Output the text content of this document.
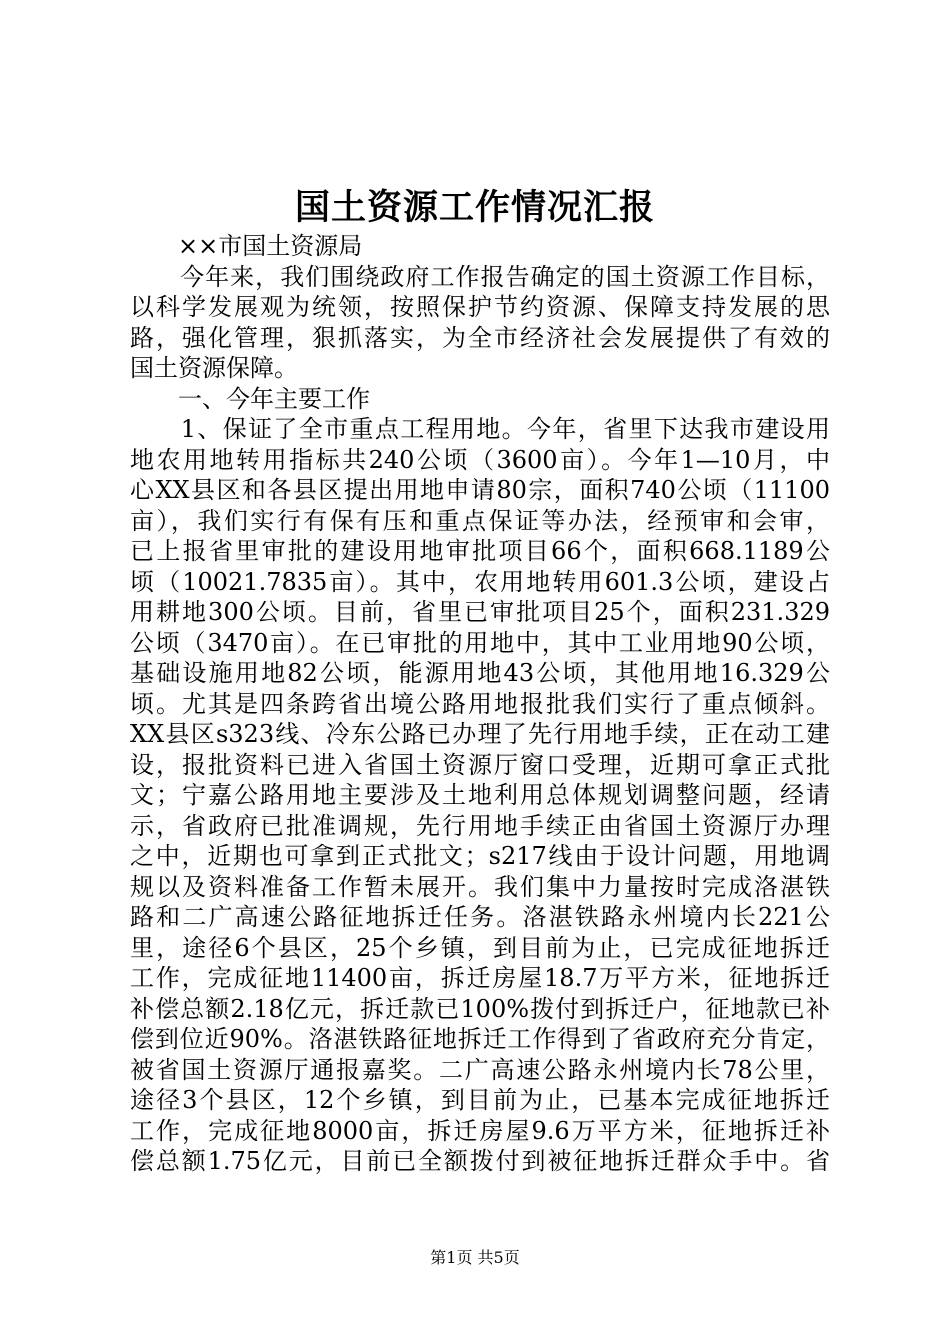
国土资源工作情况汇报
　　××市国土资源局
　　今年来，我们围绕政府工作报告确定的国土资源工作目标，
以科学发展观为统领，按照保护节约资源、保障支持发展的思
路，强化管理，狠抓落实，为全市经济社会发展提供了有效的
国土资源保障。
　　一、今年主要工作
　　1、保证了全市重点工程用地。今年，省里下达我市建设用
地农用地转用指标共240公顷（3600亩）。今年1—10月，中
心XX县区和各县区提出用地申请80宗，面积740公顷（11100
亩），我们实行有保有压和重点保证等办法，经预审和会审，
已上报省里审批的建设用地审批项目66个，面积668.1189公
顷（10021.7835亩）。其中，农用地转用601.3公顷，建设占
用耕地300公顷。目前，省里已审批项目25个，面积231.329
公顷（3470亩）。在已审批的用地中，其中工业用地90公顷，
基础设施用地82公顷，能源用地43公顷，其他用地16.329公
顷。尤其是四条跨省出境公路用地报批我们实行了重点倾斜。
XX县区s323线、冷东公路已办理了先行用地手续，正在动工建
设，报批资料已进入省国土资源厅窗口受理，近期可拿正式批
文；宁嘉公路用地主要涉及土地利用总体规划调整问题，经请
示，省政府已批准调规，先行用地手续正由省国土资源厅办理
之中，近期也可拿到正式批文；s217线由于设计问题，用地调
规以及资料准备工作暂未展开。我们集中力量按时完成洛湛铁
路和二广高速公路征地拆迁任务。洛湛铁路永州境内长221公
里，途径6个县区，25个乡镇，到目前为止，已完成征地拆迁
工作，完成征地11400亩，拆迁房屋18.7万平方米，征地拆迁
补偿总额2.18亿元，拆迁款已100%拨付到拆迁户，征地款已补
偿到位近90%。洛湛铁路征地拆迁工作得到了省政府充分肯定，
被省国土资源厅通报嘉奖。二广高速公路永州境内长78公里，
途径3个县区，12个乡镇，到目前为止，已基本完成征地拆迁
工作，完成征地8000亩，拆迁房屋9.6万平方米，征地拆迁补
偿总额1.75亿元，目前已全额拨付到被征地拆迁群众手中。省
第1页 共5页
